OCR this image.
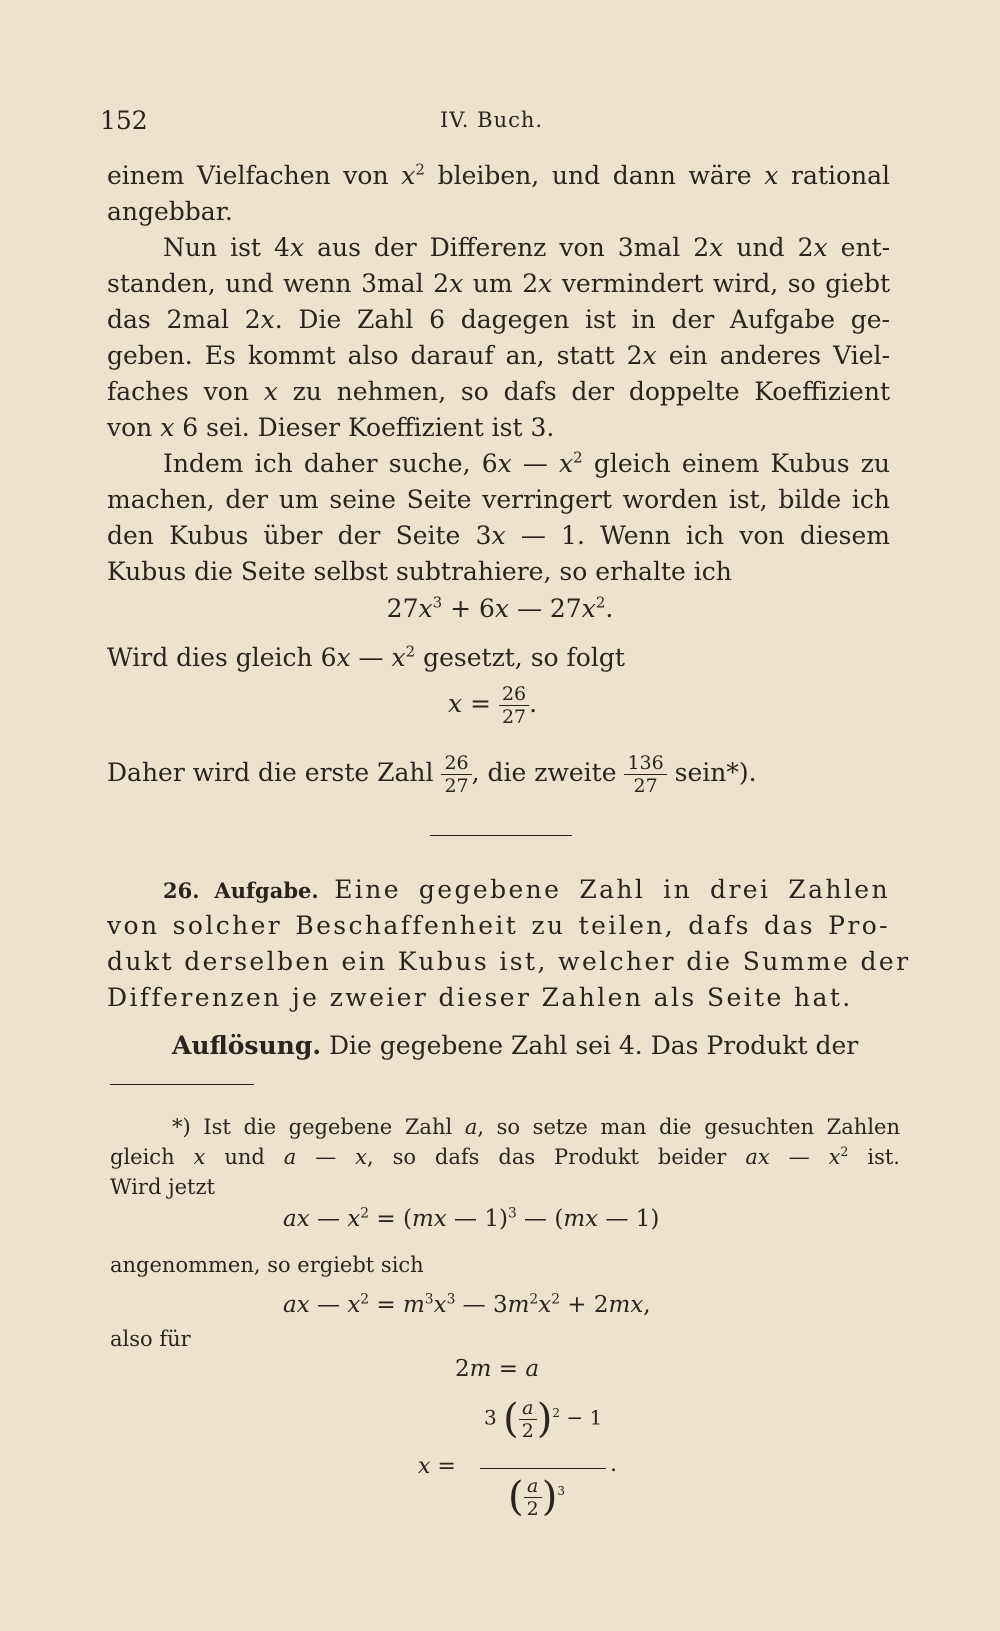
152	IV. Buch.
einem Vielfachen von $x^2$ bleiben, und dann wäre x rational
angebbar.
Nun ist 4x aus der Differenz von 3mal 2x und 2x ent-
standen, und wenn 3mal 2x um 2x vermindert wird, so giebt
das 2mal 2x. Die Zahl 6 dagegen ist in der Aufgabe ge-
geben. Es kommt also darauf an, statt 2x ein anderes Viel-
faches von x zu nehmen, so dafs der doppelte Koeffizient
von x 6 sei. Dieser Koeffizient ist 3.
Indem ich daher suche, 6x — $x^2$ gleich einem Kubus zu
machen, der um seine Seite verringert worden ist, bilde ich
den Kubus über der Seite 3x — 1. Wenn ich von diesem
Kubus die Seite selbst subtrahiere, so erhalte ich
$27x^3 + 6x$ — $27x^2$.
Wird dies gleich 6x — $x^2$ gesetzt, so folgt
$x = \frac{26}{27}$ .
Daher wird die erste Zahl $\frac{26}{27}$ , die zweite $\frac{136}{27}$ sein*).
26. Aufgabe. Eine gegebene Zahl in drei Zahlen
von solcher Beschaffenheit zu teilen, dafs das Pro-
dukt derselben ein Kubus ist, welcher die Summe der
Differenzen je zweier dieser Zahlen als Seite hat.
Auflösung. Die gegebene Zahl sei 4. Das Produkt der
*) Ist die gegebene Zahl a, so setze man die gesuchten Zahlen
gleich x und a — x, so dafs das Produkt beider ax — $x^2$ ist.
Wird jetzt
ax — $x^2 = (mx$ — 1)$^3$ — (mx — 1)
angenommen, so ergiebt sich
ax — $x^2 = m^3x^3$ — $3m^2x^2 + 2mx$,
also für
2m = a
x =
3 ( $\frac{a}{2} )^2 - 1$
( $\frac{a}{2} )^3$
.
